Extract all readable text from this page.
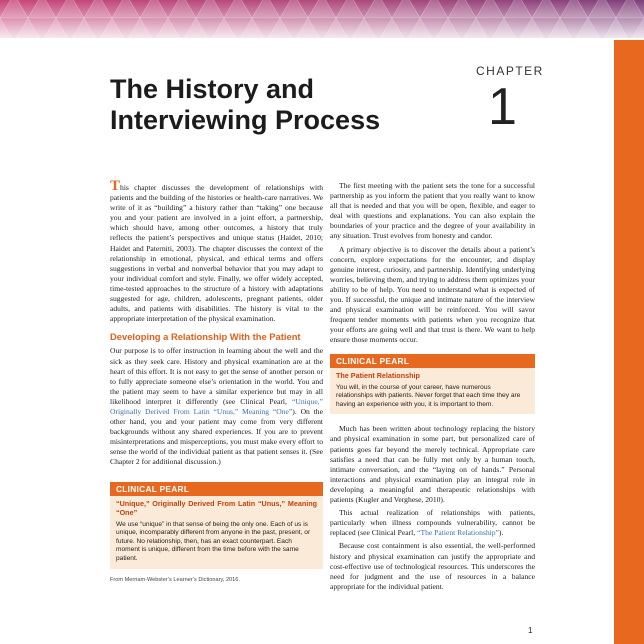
The History and
Interviewing Process
CHAPTER
1

This chapter discusses the development of relationships with patients and the building of the histories or health-care narratives. We write of it as “building” a history rather than “taking” one because you and your patient are involved in a joint effort, a partnership, which should have, among other outcomes, a history that truly reflects the patient’s perspectives and unique status (Haidet, 2010; Haidet and Paterniti, 2003). The chapter discusses the context of the relationship in emotional, physical, and ethical terms and offers suggestions in verbal and nonverbal behavior that you may adapt to your individual comfort and style. Finally, we offer widely accepted, time-tested approaches to the structure of a history with adaptations suggested for age, children, adolescents, pregnant patients, older adults, and patients with disabilities. The history is vital to the appropriate interpretation of the physical examination.

Developing a Relationship With the Patient

Our purpose is to offer instruction in learning about the well and the sick as they seek care. History and physical examination are at the heart of this effort. It is not easy to get the sense of another person or to fully appreciate someone else’s orientation in the world. You and the patient may seem to have a similar experience but may in all likelihood interpret it differently (see Clinical Pearl, “Unique,” Originally Derived From Latin “Unus,” Meaning “One”). On the other hand, you and your patient may come from very different backgrounds without any shared experiences. If you are to prevent misinterpretations and misperceptions, you must make every effort to sense the world of the individual patient as that patient senses it. (See Chapter 2 for additional discussion.)

CLINICAL PEARL
“Unique,” Originally Derived From Latin “Unus,” Meaning “One”
We use “unique” in that sense of being the only one. Each of us is unique, incomparably different from anyone in the past, present, or future. No relationship, then, has an exact counterpart. Each moment is unique, different from the time before with the same patient.
From Merriam-Webster’s Learner’s Dictionary, 2016.

The first meeting with the patient sets the tone for a successful partnership as you inform the patient that you really want to know all that is needed and that you will be open, flexible, and eager to deal with questions and explanations. You can also explain the boundaries of your practice and the degree of your availability in any situation. Trust evolves from honesty and candor.

A primary objective is to discover the details about a patient’s concern, explore expectations for the encounter, and display genuine interest, curiosity, and partnership. Identifying underlying worries, believing them, and trying to address them optimizes your ability to be of help. You need to understand what is expected of you. If successful, the unique and intimate nature of the interview and physical examination will be reinforced. You will savor frequent tender moments with patients when you recognize that your efforts are going well and that trust is there. We want to help ensure those moments occur.

CLINICAL PEARL
The Patient Relationship
You will, in the course of your career, have numerous relationships with patients. Never forget that each time they are having an experience with you, it is important to them.

Much has been written about technology replacing the history and physical examination in some part, but personalized care of patients goes far beyond the merely technical. Appropriate care satisfies a need that can be fully met only by a human touch, intimate conversation, and the “laying on of hands.” Personal interactions and physical examination play an integral role in developing a meaningful and therapeutic relationships with patients (Kugler and Verghese, 2010).

This actual realization of relationships with patients, particularly when illness compounds vulnerability, cannot be replaced (see Clinical Pearl, “The Patient Relationship”).

Because cost containment is also essential, the well-performed history and physical examination can justify the appropriate and cost-effective use of technological resources. This underscores the need for judgment and the use of resources in a balance appropriate for the individual patient.

1
